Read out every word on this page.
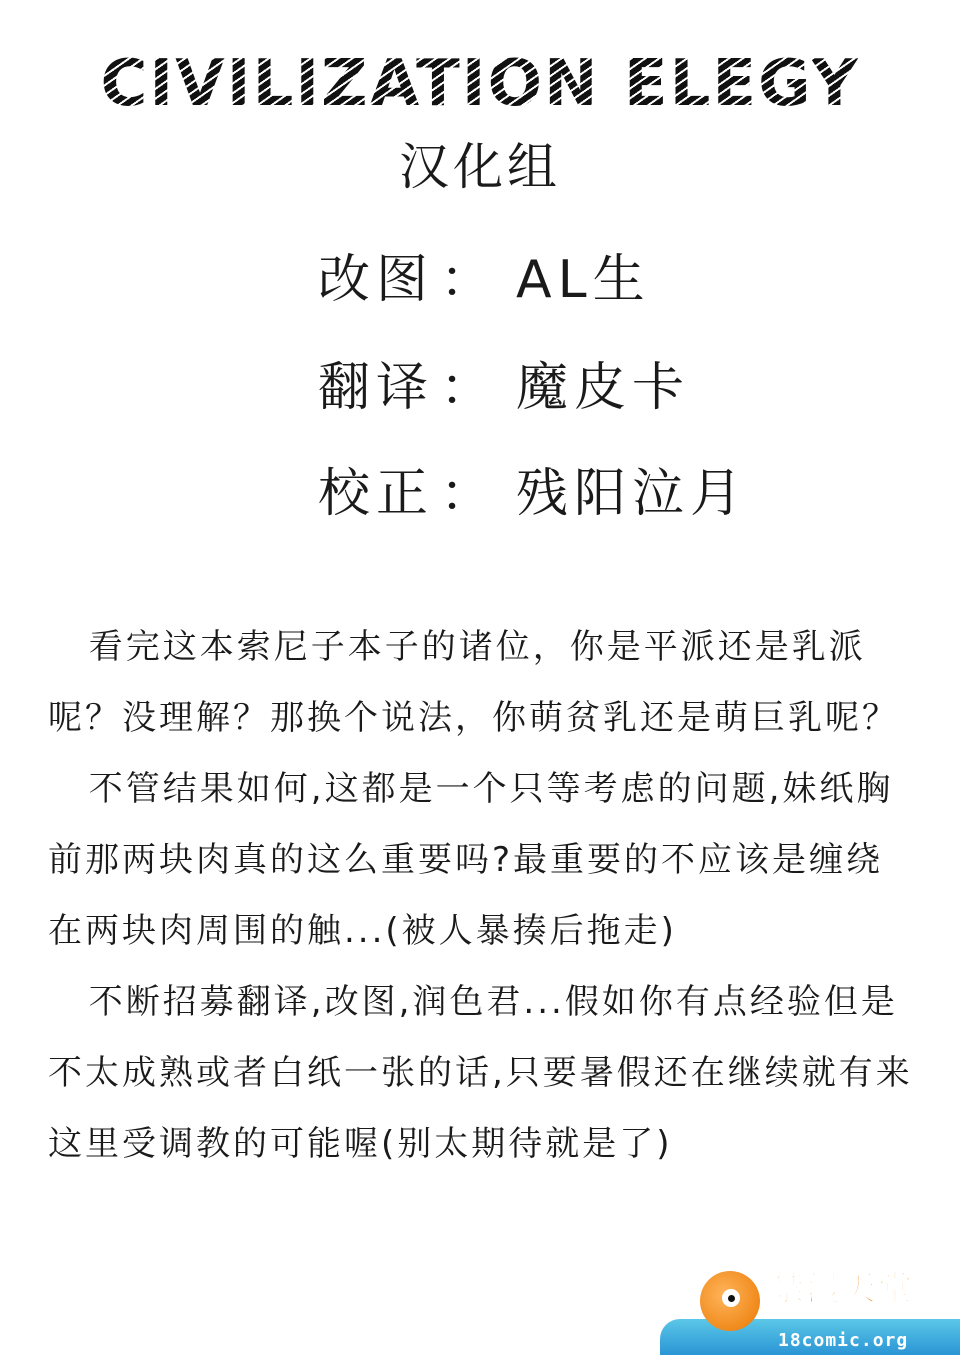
CIVILIZATION ELEGY
汉化组
改图 ： AL生
翻译 ： 魔皮卡
校正 ： 残阳泣月

看完这本索尼子本子的诸位，你是平派还是乳派呢？没理解？那换个说法，你萌贫乳还是萌巨乳呢？

不管结果如何,这都是一个只等考虑的问题,妹纸胸前那两块肉真的这么重要吗?最重要的不应该是缠绕在两块肉周围的触...(被人暴揍后拖走)

不断招募翻译,改图,润色君...假如你有点经验但是不太成熟或者白纸一张的话,只要暑假还在继续就有来这里受调教的可能喔(别太期待就是了)

禁漫天堂
18comic.org
